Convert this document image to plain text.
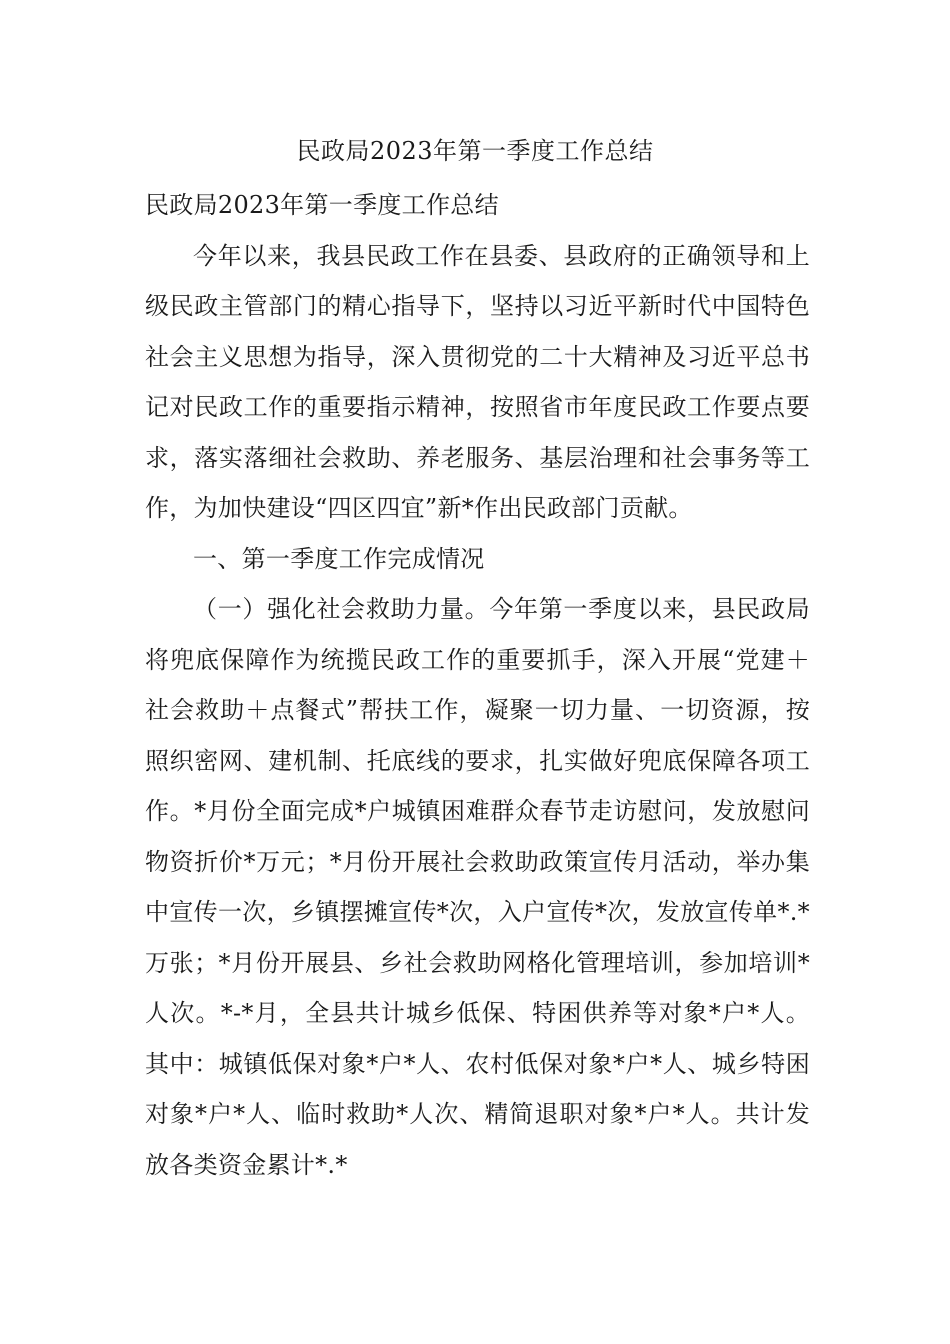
民政局2023年第一季度工作总结

民政局2023年第一季度工作总结

今年以来，我县民政工作在县委、县政府的正确领导和上级民政主管部门的精心指导下，坚持以习近平新时代中国特色社会主义思想为指导，深入贯彻党的二十大精神及习近平总书记对民政工作的重要指示精神，按照省市年度民政工作要点要求，落实落细社会救助、养老服务、基层治理和社会事务等工作，为加快建设“四区四宜”新*作出民政部门贡献。

一、第一季度工作完成情况

（一）强化社会救助力量。今年第一季度以来，县民政局将兜底保障作为统揽民政工作的重要抓手，深入开展“党建＋社会救助＋点餐式”帮扶工作，凝聚一切力量、一切资源，按照织密网、建机制、托底线的要求，扎实做好兜底保障各项工作。*月份全面完成*户城镇困难群众春节走访慰问，发放慰问物资折价*万元；*月份开展社会救助政策宣传月活动，举办集中宣传一次，乡镇摆摊宣传*次，入户宣传*次，发放宣传单*.*万张；*月份开展县、乡社会救助网格化管理培训，参加培训*人次。*-*月，全县共计城乡低保、特困供养等对象*户*人。其中：城镇低保对象*户*人、农村低保对象*户*人、城乡特困对象*户*人、临时救助*人次、精简退职对象*户*人。共计发放各类资金累计*.*
